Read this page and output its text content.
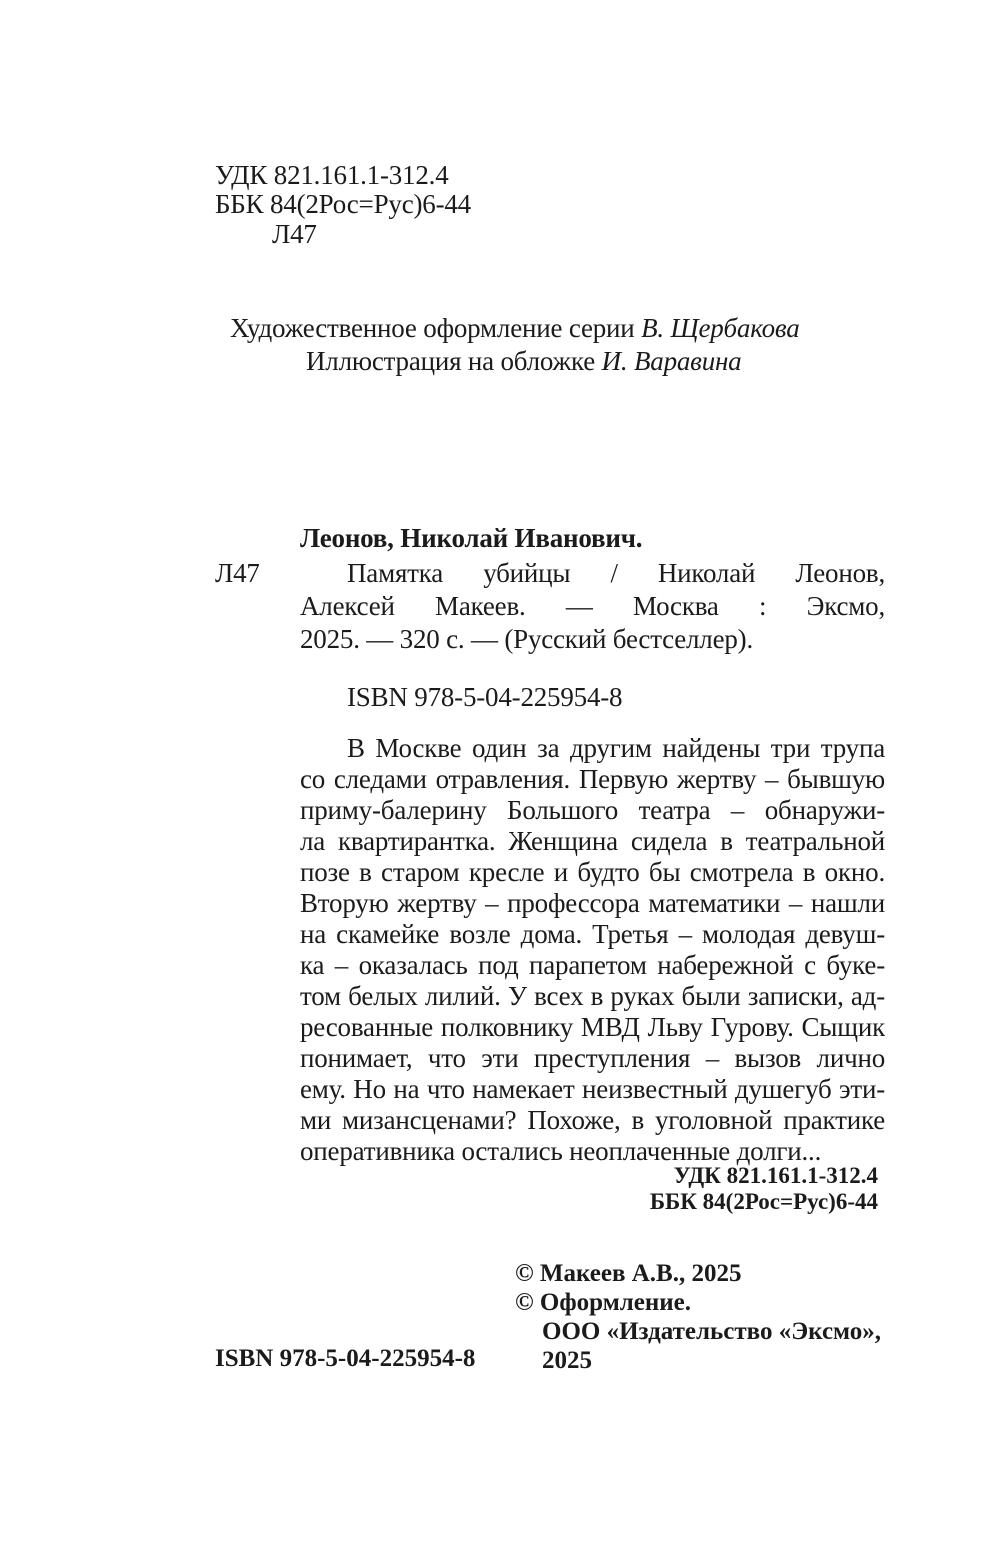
УДК 821.161.1-312.4
ББК 84(2Рос=Рус)6-44
Л47
Художественное оформление серии В. Щербакова
Иллюстрация на обложке И. Варавина
Леонов, Николай Иванович.
Л47	Памятка убийцы / Николай Леонов,
Алексей Макеев. — Москва : Эксмо,
2025. — 320 с. — (Русский бестселлер).
ISBN 978-5-04-225954-8
В Москве один за другим найдены три трупа
со следами отравления. Первую жертву – бывшую
приму-балерину Большого театра – обнаружи-
ла квартирантка. Женщина сидела в театральной
позе в старом кресле и будто бы смотрела в окно.
Вторую жертву – профессора математики – нашли
на скамейке возле дома. Третья – молодая девуш-
ка – оказалась под парапетом набережной с буке-
том белых лилий. У всех в руках были записки, ад-
ресованные полковнику МВД Льву Гурову. Сыщик
понимает, что эти преступления – вызов лично
ему. Но на что намекает неизвестный душегуб эти-
ми мизансценами? Похоже, в уголовной практике
оперативника остались неоплаченные долги...
УДК 821.161.1-312.4
ББК 84(2Рос=Рус)6-44
ISBN 978-5-04-225954-8
© Макеев А.В., 2025
© Оформление.
ООО «Издательство «Эксмо»,
2025
